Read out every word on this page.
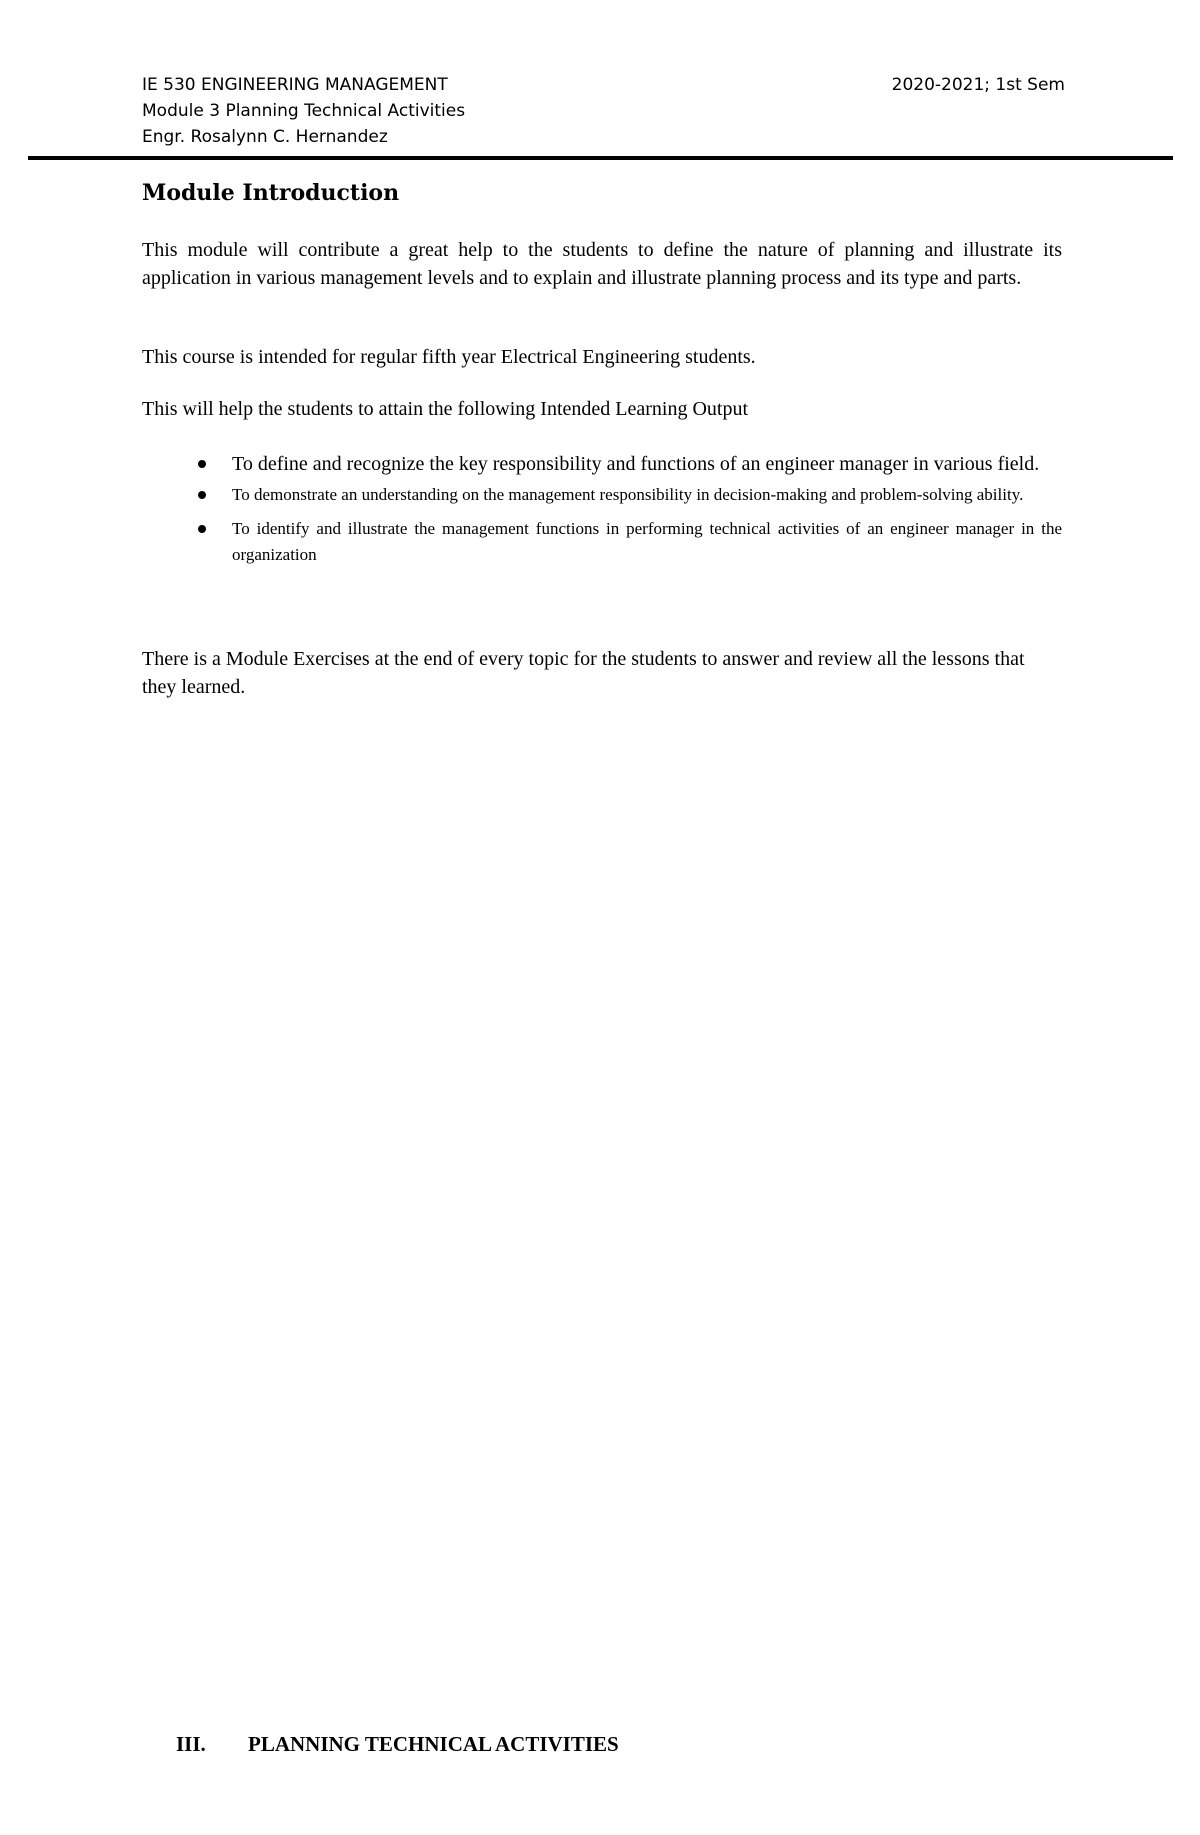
IE 530 ENGINEERING MANAGEMENT
Module 3 Planning Technical Activities
Engr. Rosalynn C. Hernandez
2020-2021; 1st Sem
Module Introduction

This module will contribute a great help to the students to define the nature of planning and illustrate its application in various management levels and to explain and illustrate planning process and its type and parts.

This course is intended for regular fifth year Electrical Engineering students.

This will help the students to attain the following Intended Learning Output

To define and recognize the key responsibility and functions of an engineer manager in various field.
To demonstrate an understanding on the management responsibility in decision-making and problem-solving ability.
To identify and illustrate the management functions in performing technical activities of an engineer manager in the organization

There is a Module Exercises at the end of every topic for the students to answer and review all the lessons that they learned.

III. PLANNING TECHNICAL ACTIVITIES
